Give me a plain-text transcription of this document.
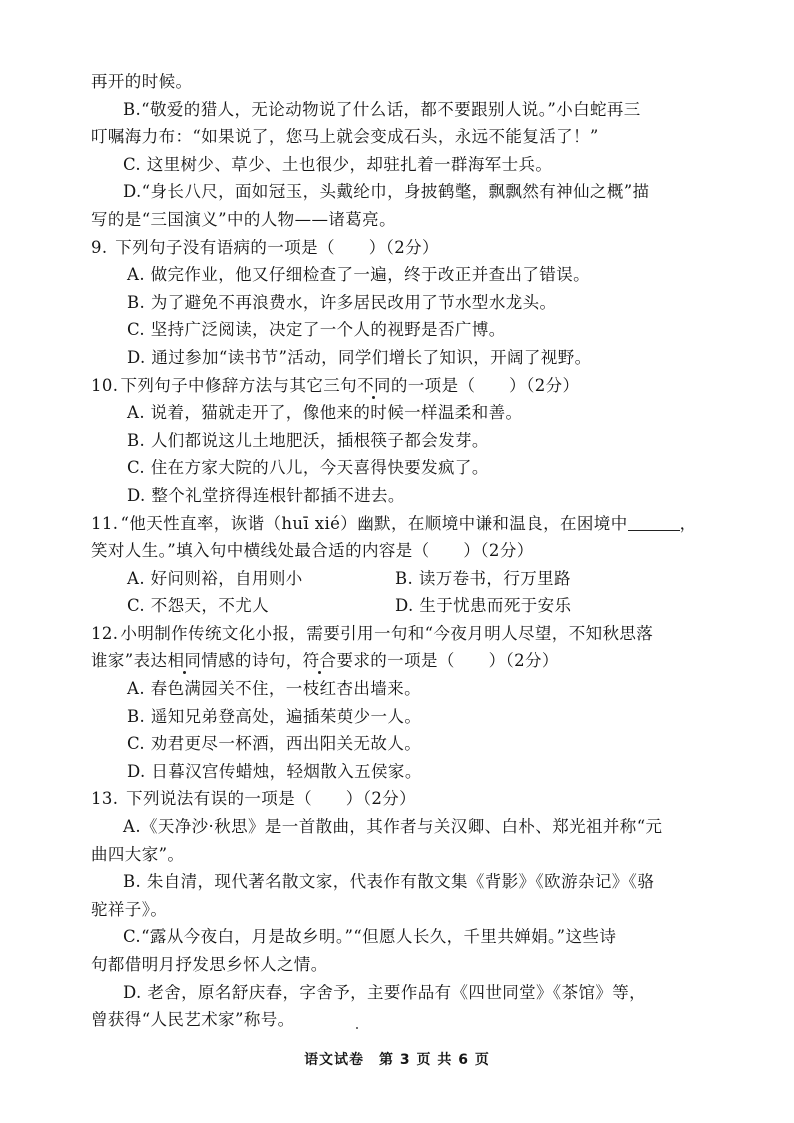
再开的时候。
B.“敬爱的猎人，无论动物说了什么话，都不要跟别人说。”小白蛇再三
叮嘱海力布：“如果说了，您马上就会变成石头，永远不能复活了！”
C. 这里树少、草少、土也很少，却驻扎着一群海军士兵。
D.“身长八尺，面如冠玉，头戴纶巾，身披鹤氅，飘飘然有神仙之概”描
写的是“三国演义”中的人物——诸葛亮。
9. 下列句子没有语病的一项是（　　）（2分）
A. 做完作业，他又仔细检查了一遍，终于改正并查出了错误。
B. 为了避免不再浪费水，许多居民改用了节水型水龙头。
C. 坚持广泛阅读，决定了一个人的视野是否广博。
D. 通过参加“读书节”活动，同学们增长了知识，开阔了视野。
10. 下列句子中修辞方法与其它三句不同的一项是（　　）（2分）
A. 说着，猫就走开了，像他来的时候一样温柔和善。
B. 人们都说这儿土地肥沃，插根筷子都会发芽。
C. 住在方家大院的八儿，今天喜得快要发疯了。
D. 整个礼堂挤得连根针都插不进去。
11. “他天性直率，诙谐（huī xié）幽默，在顺境中谦和温良，在困境中	，
笑对人生。”填入句中横线处最合适的内容是（　　）（2分）
A. 好问则裕，自用则小	B. 读万卷书，行万里路
C. 不怨天，不尤人	D. 生于忧患而死于安乐
12. 小明制作传统文化小报，需要引用一句和“今夜月明人尽望，不知秋思落
谁家”表达相同情感的诗句，符合要求的一项是（　　）（2分）
A. 春色满园关不住，一枝红杏出墙来。
B. 遥知兄弟登高处，遍插茱萸少一人。
C. 劝君更尽一杯酒，西出阳关无故人。
D. 日暮汉宫传蜡烛，轻烟散入五侯家。
13. 下列说法有误的一项是（　　）（2分）
A.《天净沙·秋思》是一首散曲，其作者与关汉卿、白朴、郑光祖并称“元
曲四大家”。
B. 朱自清，现代著名散文家，代表作有散文集《背影》《欧游杂记》《骆
驼祥子》。
C.“露从今夜白，月是故乡明。”“但愿人长久，千里共婵娟。”这些诗
句都借明月抒发思乡怀人之情。
D. 老舍，原名舒庆春，字舍予，主要作品有《四世同堂》《茶馆》等，
曾获得“人民艺术家”称号。
语文试卷　第 3 页 共 6 页
